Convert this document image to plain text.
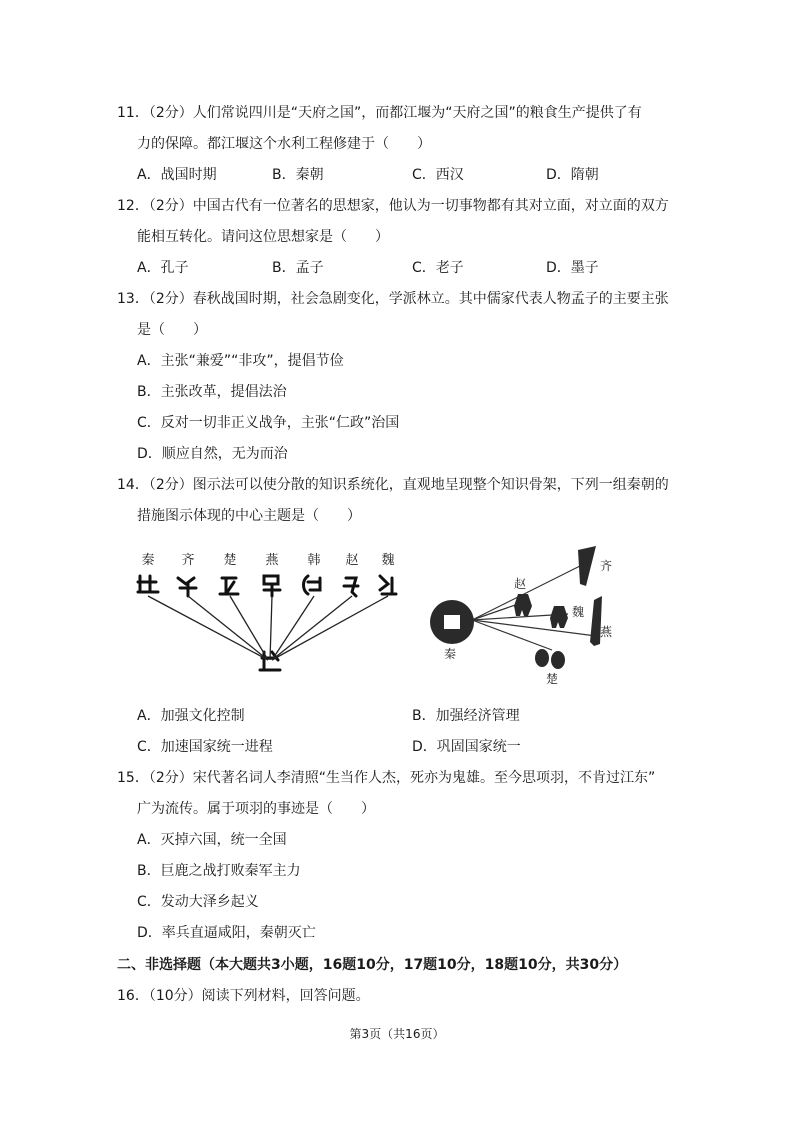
11．（2分）人们常说四川是“天府之国”，而都江堰为“天府之国”的粮食生产提供了有
力的保障。都江堰这个水利工程修建于（　　）
A．战国时期	B．秦朝	C．西汉	D．隋朝
12．（2分）中国古代有一位著名的思想家，他认为一切事物都有其对立面，对立面的双方
能相互转化。请问这位思想家是（　　）
A．孔子	B．孟子	C．老子	D．墨子
13．（2分）春秋战国时期，社会急剧变化，学派林立。其中儒家代表人物孟子的主要主张
是（　　）
A．主张“兼爱”“非攻”，提倡节俭
B．主张改革，提倡法治
C．反对一切非正义战争，主张“仁政”治国
D．顺应自然，无为而治
14．（2分）图示法可以使分散的知识系统化，直观地呈现整个知识骨架，下列一组秦朝的
措施图示体现的中心主题是（　　）
秦 齐 楚 燕 韩 赵 魏	齐
赵
魏
燕
秦
楚
A．加强文化控制	B．加强经济管理
C．加速国家统一进程	D．巩固国家统一
15．（2分）宋代著名词人李清照“生当作人杰，死亦为鬼雄。至今思项羽，不肯过江东”
广为流传。属于项羽的事迹是（　　）
A．灭掉六国，统一全国
B．巨鹿之战打败秦军主力
C．发动大泽乡起义
D．率兵直逼咸阳，秦朝灭亡
二、非选择题（本大题共3小题，16题10分，17题10分，18题10分，共30分）
16．（10分）阅读下列材料，回答问题。
第3页（共16页）
